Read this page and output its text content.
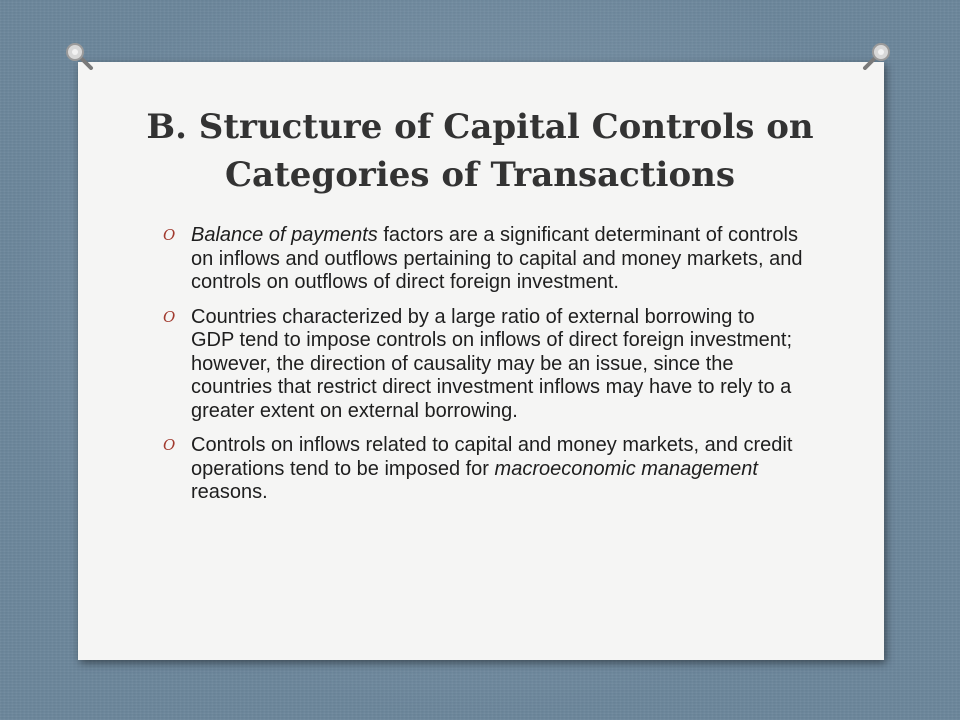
B. Structure of Capital Controls on
Categories of Transactions
O Balance of payments factors are a significant determinant of controls on inflows and outflows pertaining to capital and money markets, and controls on outflows of direct foreign investment.
O Countries characterized by a large ratio of external borrowing to GDP tend to impose controls on inflows of direct foreign investment; however, the direction of causality may be an issue, since the countries that restrict direct investment inflows may have to rely to a greater extent on external borrowing.
O Controls on inflows related to capital and money markets, and credit operations tend to be imposed for macroeconomic management reasons.
